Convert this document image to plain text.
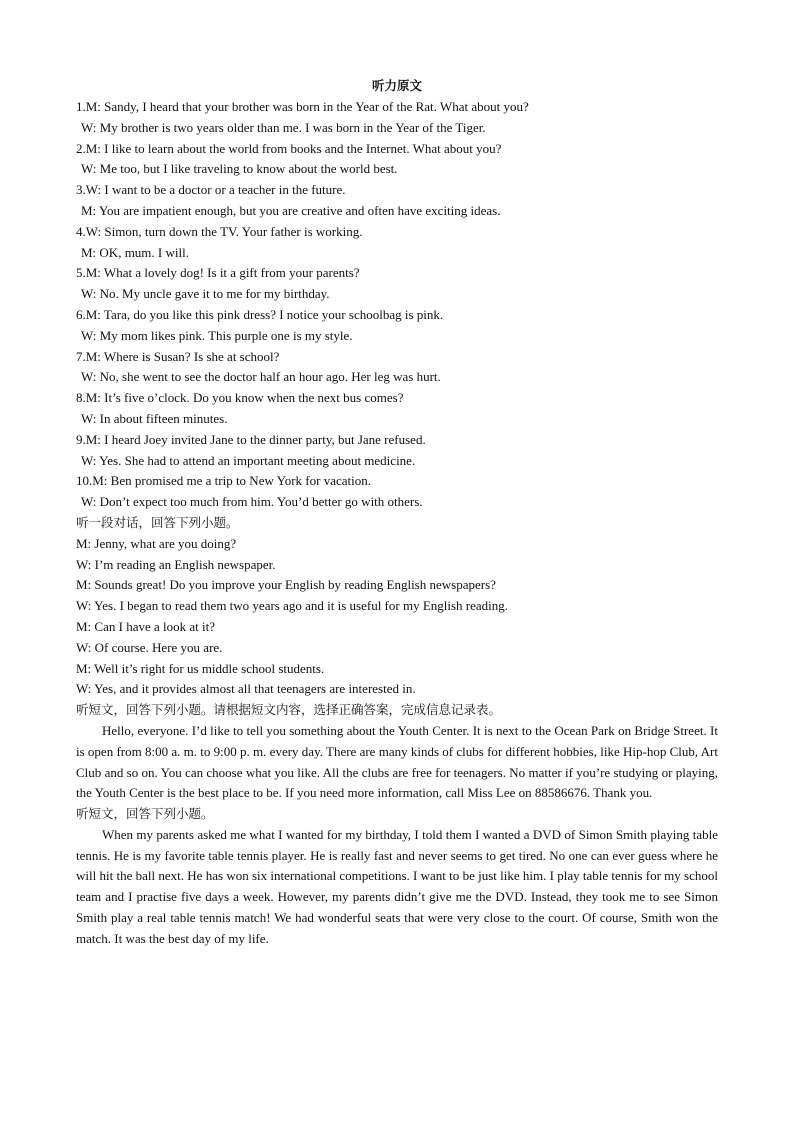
听力原文
1.M: Sandy, I heard that your brother was born in the Year of the Rat. What about you?
W: My brother is two years older than me. I was born in the Year of the Tiger.
2.M: I like to learn about the world from books and the Internet. What about you?
W: Me too, but I like traveling to know about the world best.
3.W: I want to be a doctor or a teacher in the future.
M: You are impatient enough, but you are creative and often have exciting ideas.
4.W: Simon, turn down the TV. Your father is working.
M: OK, mum. I will.
5.M: What a lovely dog! Is it a gift from your parents?
W: No. My uncle gave it to me for my birthday.
6.M: Tara, do you like this pink dress? I notice your schoolbag is pink.
W: My mom likes pink. This purple one is my style.
7.M: Where is Susan? Is she at school?
W: No, she went to see the doctor half an hour ago. Her leg was hurt.
8.M: It’s five o’clock. Do you know when the next bus comes?
W: In about fifteen minutes.
9.M: I heard Joey invited Jane to the dinner party, but Jane refused.
W: Yes. She had to attend an important meeting about medicine.
10.M: Ben promised me a trip to New York for vacation.
W: Don’t expect too much from him. You’d better go with others.
听一段对话，回答下列小题。
M: Jenny, what are you doing?
W: I’m reading an English newspaper.
M: Sounds great! Do you improve your English by reading English newspapers?
W: Yes. I began to read them two years ago and it is useful for my English reading.
M: Can I have a look at it?
W: Of course. Here you are.
M: Well it’s right for us middle school students.
W: Yes, and it provides almost all that teenagers are interested in.
听短文，回答下列小题。请根据短文内容，选择正确答案，完成信息记录表。
Hello, everyone. I’d like to tell you something about the Youth Center. It is next to the Ocean Park on Bridge Street. It is open from 8:00 a. m. to 9:00 p. m. every day. There are many kinds of clubs for different hobbies, like Hip-hop Club, Art Club and so on. You can choose what you like. All the clubs are free for teenagers. No matter if you’re studying or playing, the Youth Center is the best place to be. If you need more information, call Miss Lee on 88586676. Thank you.
听短文，回答下列小题。
When my parents asked me what I wanted for my birthday, I told them I wanted a DVD of Simon Smith playing table tennis. He is my favorite table tennis player. He is really fast and never seems to get tired. No one can ever guess where he will hit the ball next. He has won six international competitions. I want to be just like him. I play table tennis for my school team and I practise five days a week. However, my parents didn’t give me the DVD. Instead, they took me to see Simon Smith play a real table tennis match! We had wonderful seats that were very close to the court. Of course, Smith won the match. It was the best day of my life.
